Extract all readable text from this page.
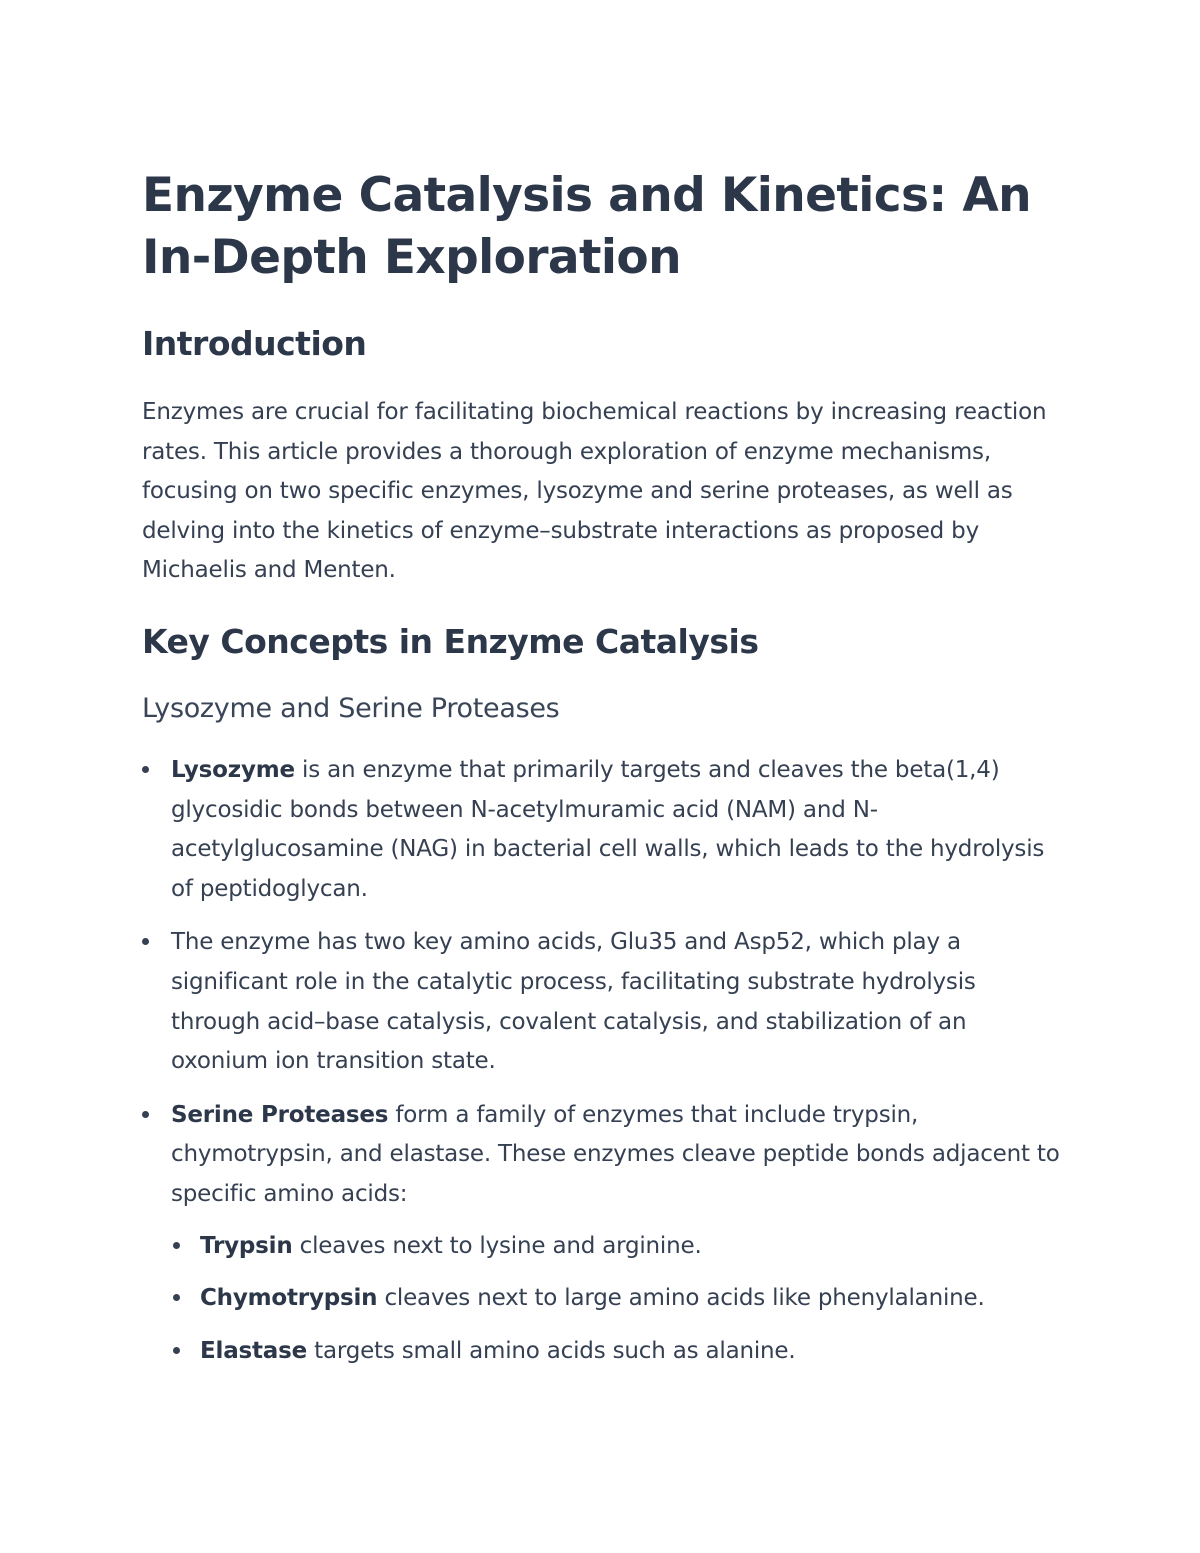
Enzyme Catalysis and Kinetics: An In-Depth Exploration
Introduction

Enzymes are crucial for facilitating biochemical reactions by increasing reaction rates. This article provides a thorough exploration of enzyme mechanisms, focusing on two specific enzymes, lysozyme and serine proteases, as well as delving into the kinetics of enzyme–substrate interactions as proposed by Michaelis and Menten.

Key Concepts in Enzyme Catalysis
Lysozyme and Serine Proteases
Lysozyme is an enzyme that primarily targets and cleaves the beta(1,4) glycosidic bonds between N-acetylmuramic acid (NAM) and N-acetylglucosamine (NAG) in bacterial cell walls, which leads to the hydrolysis of peptidoglycan.
The enzyme has two key amino acids, Glu35 and Asp52, which play a significant role in the catalytic process, facilitating substrate hydrolysis through acid–base catalysis, covalent catalysis, and stabilization of an oxonium ion transition state.
Serine Proteases form a family of enzymes that include trypsin, chymotrypsin, and elastase. These enzymes cleave peptide bonds adjacent to specific amino acids:
Trypsin cleaves next to lysine and arginine.
Chymotrypsin cleaves next to large amino acids like phenylalanine.
Elastase targets small amino acids such as alanine.
